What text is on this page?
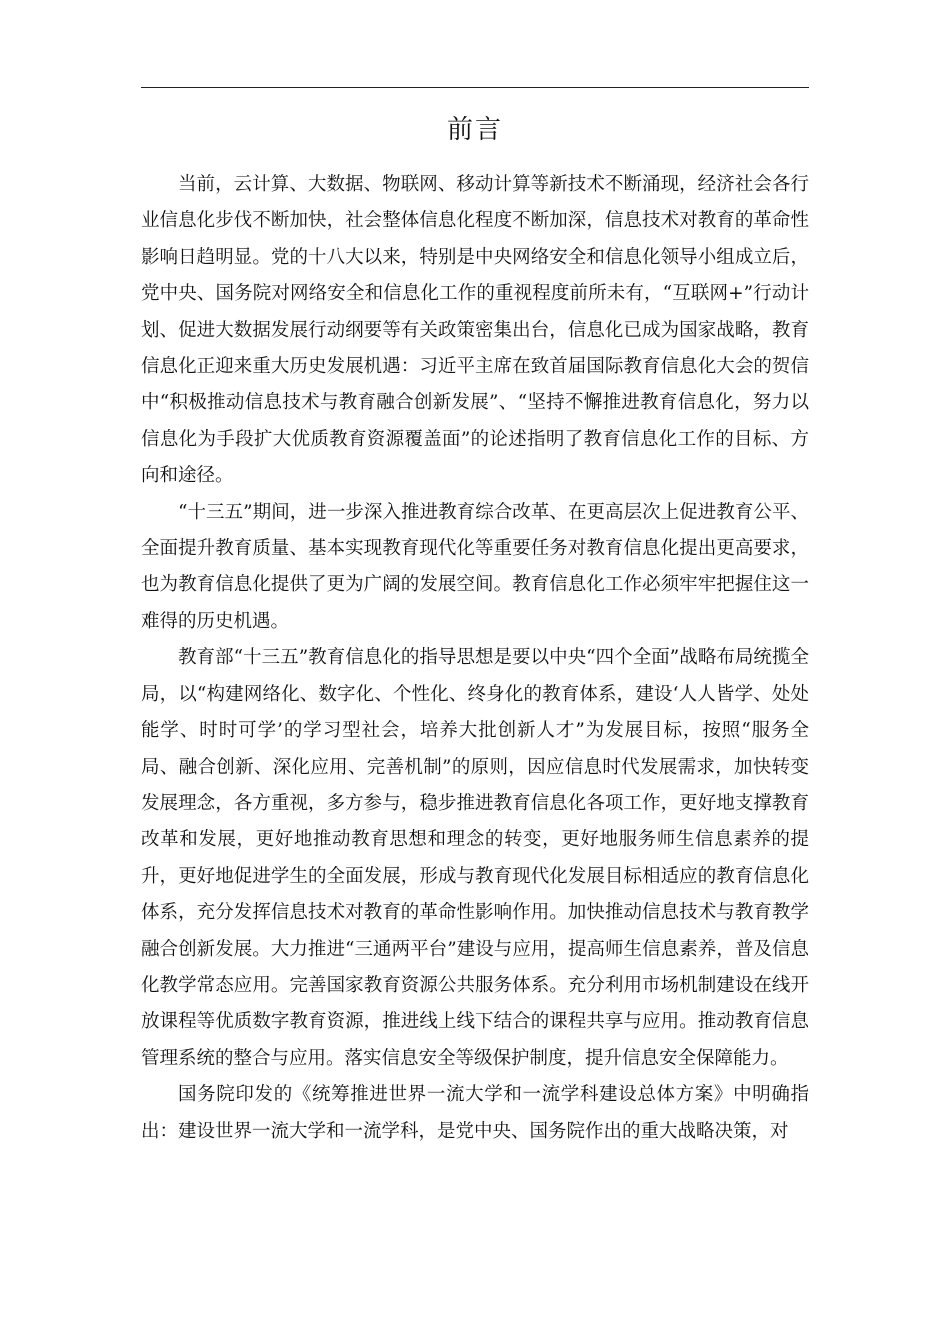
前言

当前，云计算、大数据、物联网、移动计算等新技术不断涌现，经济社会各行业信息化步伐不断加快，社会整体信息化程度不断加深，信息技术对教育的革命性影响日趋明显。党的十八大以来，特别是中央网络安全和信息化领导小组成立后，党中央、国务院对网络安全和信息化工作的重视程度前所未有，“互联网+”行动计划、促进大数据发展行动纲要等有关政策密集出台，信息化已成为国家战略，教育信息化正迎来重大历史发展机遇：习近平主席在致首届国际教育信息化大会的贺信中“积极推动信息技术与教育融合创新发展”、“坚持不懈推进教育信息化，努力以信息化为手段扩大优质教育资源覆盖面”的论述指明了教育信息化工作的目标、方向和途径。

“十三五”期间，进一步深入推进教育综合改革、在更高层次上促进教育公平、全面提升教育质量、基本实现教育现代化等重要任务对教育信息化提出更高要求，也为教育信息化提供了更为广阔的发展空间。教育信息化工作必须牢牢把握住这一难得的历史机遇。

教育部“十三五”教育信息化的指导思想是要以中央“四个全面”战略布局统揽全局，以“构建网络化、数字化、个性化、终身化的教育体系，建设‘人人皆学、处处能学、时时可学’的学习型社会，培养大批创新人才”为发展目标，按照“服务全局、融合创新、深化应用、完善机制”的原则，因应信息时代发展需求，加快转变发展理念，各方重视，多方参与，稳步推进教育信息化各项工作，更好地支撑教育改革和发展，更好地推动教育思想和理念的转变，更好地服务师生信息素养的提升，更好地促进学生的全面发展，形成与教育现代化发展目标相适应的教育信息化体系，充分发挥信息技术对教育的革命性影响作用。加快推动信息技术与教育教学融合创新发展。大力推进“三通两平台”建设与应用，提高师生信息素养，普及信息化教学常态应用。完善国家教育资源公共服务体系。充分利用市场机制建设在线开放课程等优质数字教育资源，推进线上线下结合的课程共享与应用。推动教育信息管理系统的整合与应用。落实信息安全等级保护制度，提升信息安全保障能力。

国务院印发的《统筹推进世界一流大学和一流学科建设总体方案》中明确指出：建设世界一流大学和一流学科，是党中央、国务院作出的重大战略决策，对
